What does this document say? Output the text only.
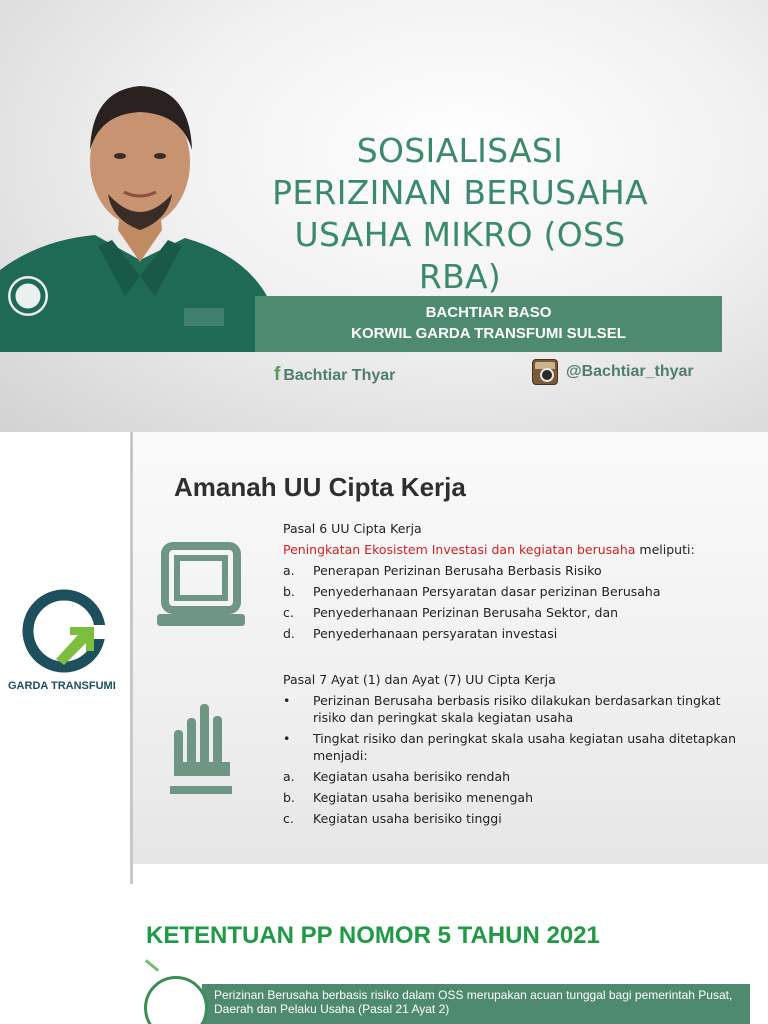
SOSIALISASI
PERIZINAN BERUSAHA
USAHA MIKRO (OSS RBA)
BACHTIAR BASO
KORWIL GARDA TRANSFUMI SULSEL
f Bachtiar Thyar	@Bachtiar_thyar
GARDA TRANSFUMI
Amanah UU Cipta Kerja
Pasal 6 UU Cipta Kerja
Peningkatan Ekosistem Investasi dan kegiatan berusaha meliputi:
a.	Penerapan Perizinan Berusaha Berbasis Risiko
b.	Penyederhanaan Persyaratan dasar perizinan Berusaha
c.	Penyederhanaan Perizinan Berusaha Sektor, dan
d.	Penyederhanaan persyaratan investasi
Pasal 7 Ayat (1) dan Ayat (7) UU Cipta Kerja
•	Perizinan Berusaha berbasis risiko dilakukan berdasarkan tingkat risiko dan peringkat skala kegiatan usaha
•	Tingkat risiko dan peringkat skala usaha kegiatan usaha ditetapkan menjadi:
a.	Kegiatan usaha berisiko rendah
b.	Kegiatan usaha berisiko menengah
c.	Kegiatan usaha berisiko tinggi
KETENTUAN PP NOMOR 5 TAHUN 2021
Perizinan Berusaha berbasis risiko dalam OSS merupakan acuan tunggal bagi pemerintah Pusat, Daerah dan Pelaku Usaha (Pasal 21 Ayat 2)
